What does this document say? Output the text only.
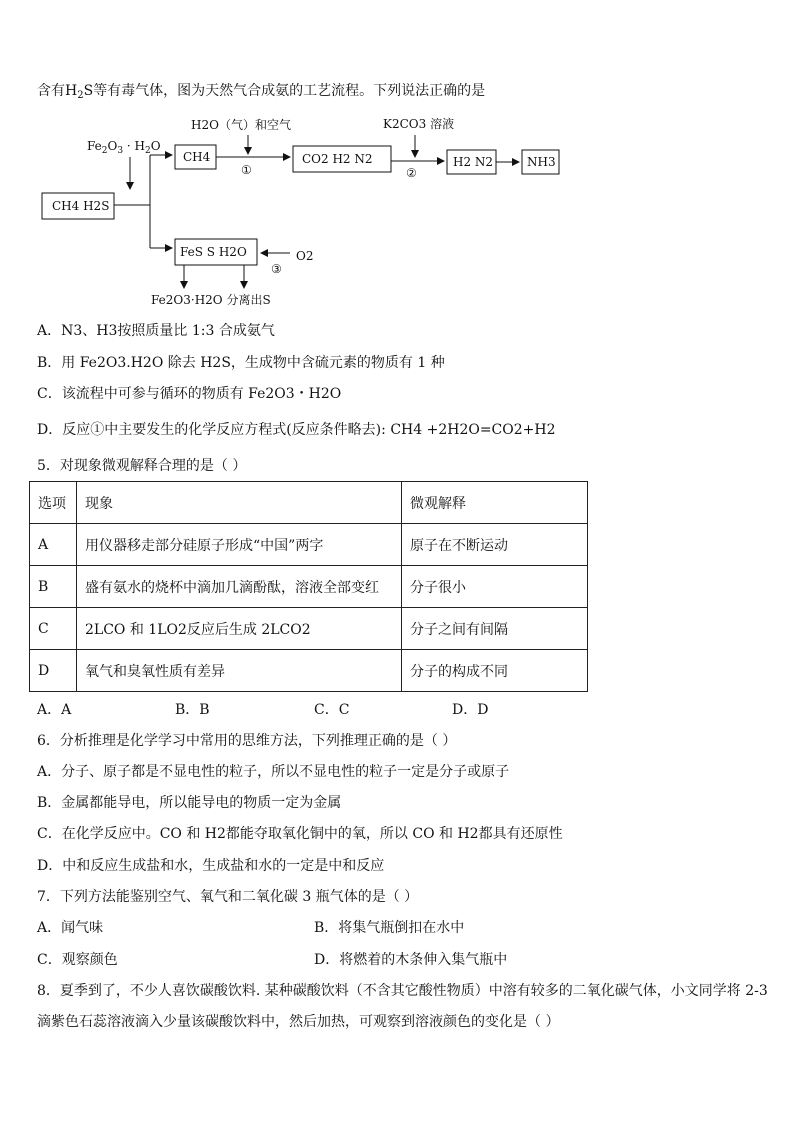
含有$H_2S$等有毒气体，图为天然气合成氨的工艺流程。下列说法正确的是
$Fe_2O_3 \cdot H_2O$
CH4 H2S
CH4
H2O（气）和空气
①
CO2 H2 N2
K2CO3 溶液
②
H2 N2	NH3
FeS S H2O	O2
③
Fe2O3·H2O 分离出S
A．N3、H3按照质量比 1:3 合成氨气
B．用 Fe2O3.H2O 除去 H2S，生成物中含硫元素的物质有 1 种
C．该流程中可参与循环的物质有 Fe2O3・H2O
D．反应①中主要发生的化学反应方程式(反应条件略去): CH4 +2H2O=CO2+H2
5．对现象微观解释合理的是（ ）
选项	现象	微观解释
A	用仪器移走部分硅原子形成“中国”两字	原子在不断运动
B	盛有氨水的烧杯中滴加几滴酚酞，溶液全部变红	分子很小
C	2LCO 和 1LO2反应后生成 2LCO2	分子之间有间隔
D	氧气和臭氧性质有差异	分子的构成不同
A．A	B．B	C．C	D．D
6．分析推理是化学学习中常用的思维方法，下列推理正确的是（ ）
A．分子、原子都是不显电性的粒子，所以不显电性的粒子一定是分子或原子
B．金属都能导电，所以能导电的物质一定为金属
C．在化学反应中。CO 和 H2都能夺取氧化铜中的氧，所以 CO 和 H2都具有还原性
D．中和反应生成盐和水，生成盐和水的一定是中和反应
7．下列方法能鉴别空气、氧气和二氧化碳 3 瓶气体的是（ ）
A．闻气味	B．将集气瓶倒扣在水中
C．观察颜色	D．将燃着的木条伸入集气瓶中
8．夏季到了，不少人喜饮碳酸饮料. 某种碳酸饮料（不含其它酸性物质）中溶有较多的二氧化碳气体，小文同学将 2-3
滴紫色石蕊溶液滴入少量该碳酸饮料中，然后加热，可观察到溶液颜色的变化是（ ）
